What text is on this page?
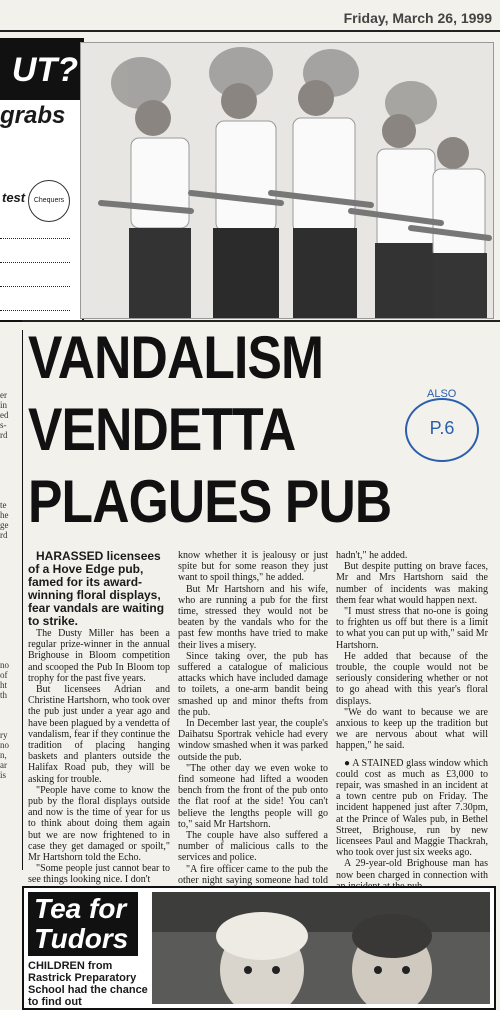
Friday, March 26, 1999
UT?
grabs
test	Chequers
er
in
ed
s-
rd
te
he
ge
rd
no
of
ht
th
ry
no
n,
ar
is
VANDALISM
VENDETTA
PLAGUES PUB
ALSO
P.6

HARASSED licensees of a Hove Edge pub, famed for its award-winning floral displays, fear vandals are waiting to strike.

The Dusty Miller has been a regular prize-winner in the annual Brighouse in Bloom competition and scooped the Pub In Bloom top trophy for the past five years.

But licensees Adrian and Christine Hartshorn, who took over the pub just under a year ago and have been plagued by a vendetta of vandalism, fear if they continue the tradition of placing hanging baskets and planters outside the Halifax Road pub, they will be asking for trouble.

"People have come to know the pub by the floral displays outside and now is the time of year for us to think about doing them again but we are now frightened to in case they get damaged or spoilt," Mr Hartshorn told the Echo.

"Some people just cannot bear to see things looking nice. I don't

know whether it is jealousy or just spite but for some reason they just want to spoil things," he added.

But Mr Hartshorn and his wife, who are running a pub for the first time, stressed they would not be beaten by the vandals who for the past few months have tried to make their lives a misery.

Since taking over, the pub has suffered a catalogue of malicious attacks which have included damage to toilets, a one-arm bandit being smashed up and minor thefts from the pub.

In December last year, the couple's Daihatsu Sportrak vehicle had every window smashed when it was parked outside the pub.

"The other day we even woke to find someone had lifted a wooden bench from the front of the pub onto the flat roof at the side! You can't believe the lengths people will go to," said Mr Hartshorn.

The couple have also suffered a number of malicious calls to the services and police.

"A fire officer came to the pub the other night saying someone had told

hadn't," he added.

But despite putting on brave faces, Mr and Mrs Hartshorn said the number of incidents was making them fear what would happen next.

"I must stress that no-one is going to frighten us off but there is a limit to what you can put up with," said Mr Hartshorn.

He added that because of the trouble, the couple would not be seriously considering whether or not to go ahead with this year's floral displays.

"We do want to because we are anxious to keep up the tradition but we are nervous about what will happen," he said.

● A STAINED glass window which could cost as much as £3,000 to repair, was smashed in an incident at a town centre pub on Friday. The incident happened just after 7.30pm, at the Prince of Wales pub, in Bethel Street, Brighouse, run by new licensees Paul and Maggie Thackrah, who took over just six weeks ago.

A 29-year-old Brighouse man has now been charged in connection with

Tea for
Tudors
CHILDREN from Rastrick Preparatory School had the chance to find out
